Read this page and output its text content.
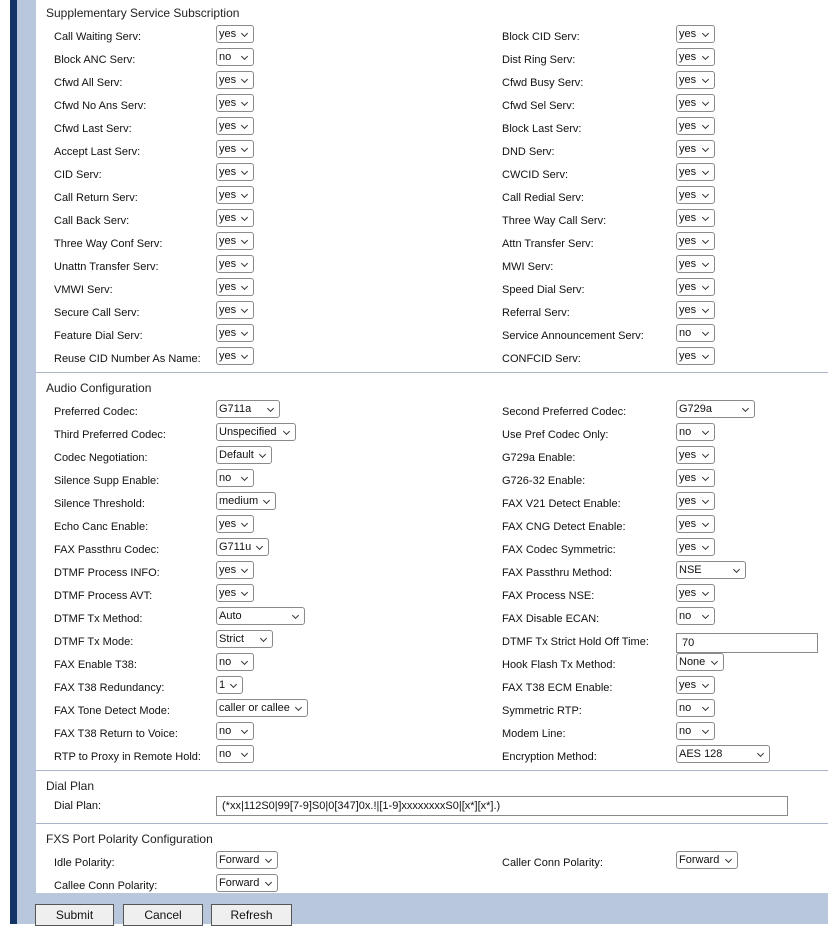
Supplementary Service Subscription
Audio Configuration
Dial Plan
FXS Port Polarity Configuration
Dial Plan:	(*xx|112S0|99[7-9]S0|0[347]0x.!|[1-9]xxxxxxxxS0|[x*][x*].)
Call Waiting Serv:	yes	Block CID Serv:	yes
Block ANC Serv:	no	Dist Ring Serv:	yes
Cfwd All Serv:	yes	Cfwd Busy Serv:	yes
Cfwd No Ans Serv:	yes	Cfwd Sel Serv:	yes
Cfwd Last Serv:	yes	Block Last Serv:	yes
Accept Last Serv:	yes	DND Serv:	yes
CID Serv:	yes	CWCID Serv:	yes
Call Return Serv:	yes	Call Redial Serv:	yes
Call Back Serv:	yes	Three Way Call Serv:	yes
Three Way Conf Serv:	yes	Attn Transfer Serv:	yes
Unattn Transfer Serv:	yes	MWI Serv:	yes
VMWI Serv:	yes	Speed Dial Serv:	yes
Secure Call Serv:	yes	Referral Serv:	yes
Feature Dial Serv:	yes	Service Announcement Serv:	no
Reuse CID Number As Name: yes	CONFCID Serv:	yes
Preferred Codec:	G711a	Second Preferred Codec:	G729a
Third Preferred Codec:	Unspecified	Use Pref Codec Only:	no
Codec Negotiation:	Default	G729a Enable:	yes
Silence Supp Enable:	no	G726-32 Enable:	yes
Silence Threshold:	medium	FAX V21 Detect Enable:	yes
Echo Canc Enable:	yes	FAX CNG Detect Enable:	yes
FAX Passthru Codec:	G711u	FAX Codec Symmetric:	yes
DTMF Process INFO:	yes	FAX Passthru Method:	NSE
DTMF Process AVT:	yes	FAX Process NSE:	yes
DTMF Tx Method:	Auto	FAX Disable ECAN:	no
DTMF Tx Mode:	Strict	DTMF Tx Strict Hold Off Time:	70
FAX Enable T38:	no	Hook Flash Tx Method:	None
FAX T38 Redundancy:	1	FAX T38 ECM Enable:	yes
FAX Tone Detect Mode:	caller or callee	Symmetric RTP:	no
FAX T38 Return to Voice:	no	Modem Line:	no
RTP to Proxy in Remote Hold: no	Encryption Method:	AES 128
Idle Polarity:	Forward	Caller Conn Polarity:	Forward
Callee Conn Polarity:	Forward
Submit	Cancel	Refresh
